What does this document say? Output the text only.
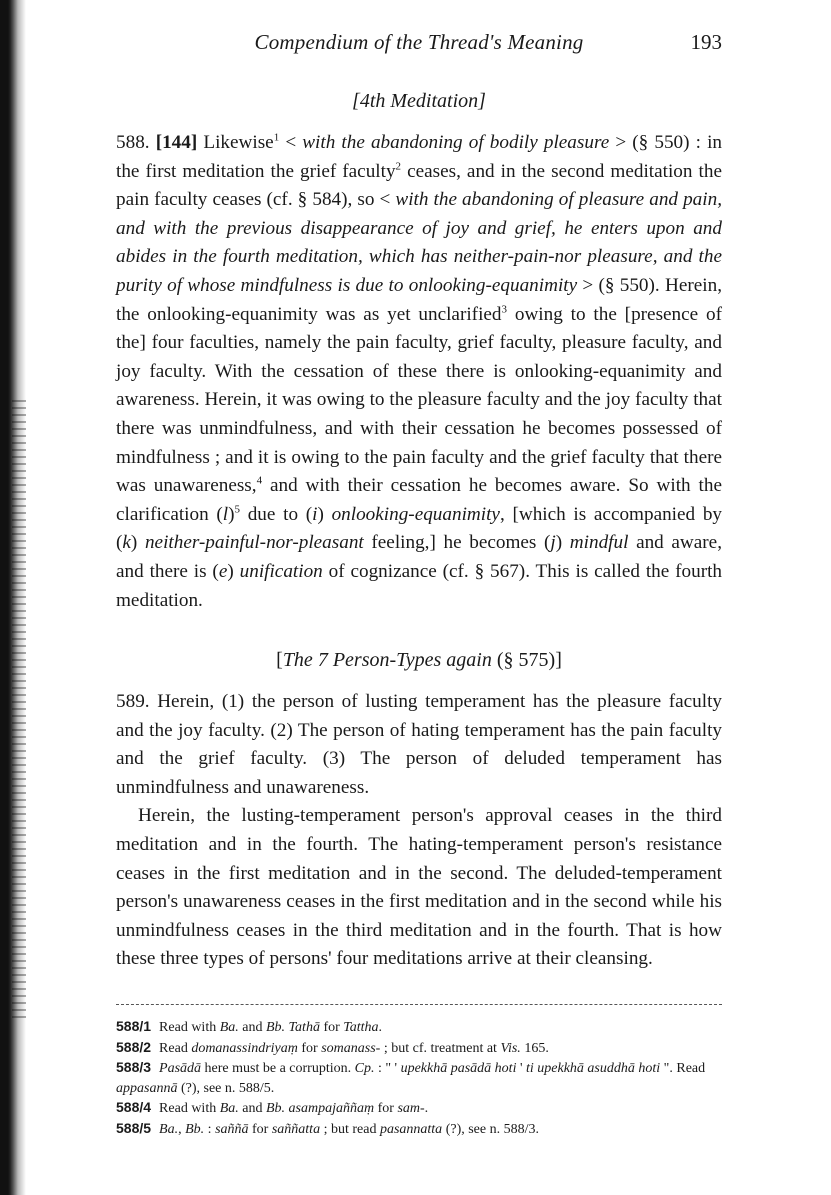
Compendium of the Thread's Meaning	193
[4th Meditation]

588. [144] Likewise$^1$ < with the abandoning of bodily pleasure > (§ 550) : in the first meditation the grief faculty$^2$ ceases, and in the second meditation the pain faculty ceases (cf. § 584), so < with the abandoning of pleasure and pain, and with the previous disappearance of joy and grief, he enters upon and abides in the fourth meditation, which has neither-pain-nor pleasure, and the purity of whose mindfulness is due to onlooking-equanimity > (§ 550). Herein, the onlooking-equanimity was as yet unclarified$^3$ owing to the [presence of the] four faculties, namely the pain faculty, grief faculty, pleasure faculty, and joy faculty. With the cessation of these there is onlooking-equanimity and awareness. Herein, it was owing to the pleasure faculty and the joy faculty that there was unmindfulness, and with their cessation he becomes possessed of mindfulness ; and it is owing to the pain faculty and the grief faculty that there was unawareness,$^4$ and with their cessation he becomes aware. So with the clarification $(l)^5$ due to (i) onlooking-equanimity, [which is accompanied by (k) neither-painful-nor-pleasant feeling,] he becomes (j) mindful and aware, and there is (e) unification of cognizance (cf. § 567). This is called the fourth meditation.

[The 7 Person-Types again (§ 575)]

589. Herein, (1) the person of lusting temperament has the pleasure faculty and the joy faculty. (2) The person of hating temperament has the pain faculty and the grief faculty. (3) The person of deluded temperament has unmindfulness and unawareness.

Herein, the lusting-temperament person's approval ceases in the third meditation and in the fourth. The hating-temperament person's resistance ceases in the first meditation and in the second. The deluded-temperament person's unawareness ceases in the first meditation and in the second while his unmindfulness ceases in the third meditation and in the fourth. That is how these three types of persons' four meditations arrive at their cleansing.

588/1 Read with Ba. and Bb. Tathā for Tattha.

588/2 Read domanassindriyaṃ for somanass- ; but cf. treatment at Vis. 165.

588/3 Pasādā here must be a corruption. Cp. : " ' upekkhā pasādā hoti ' ti upekkhā asuddhā hoti ". Read appasannā (?), see n. 588/5.

588/4 Read with Ba. and Bb. asampajaññaṃ for sam-.

588/5 Ba., Bb. : saññā for saññatta ; but read pasannatta (?), see n. 588/3.
